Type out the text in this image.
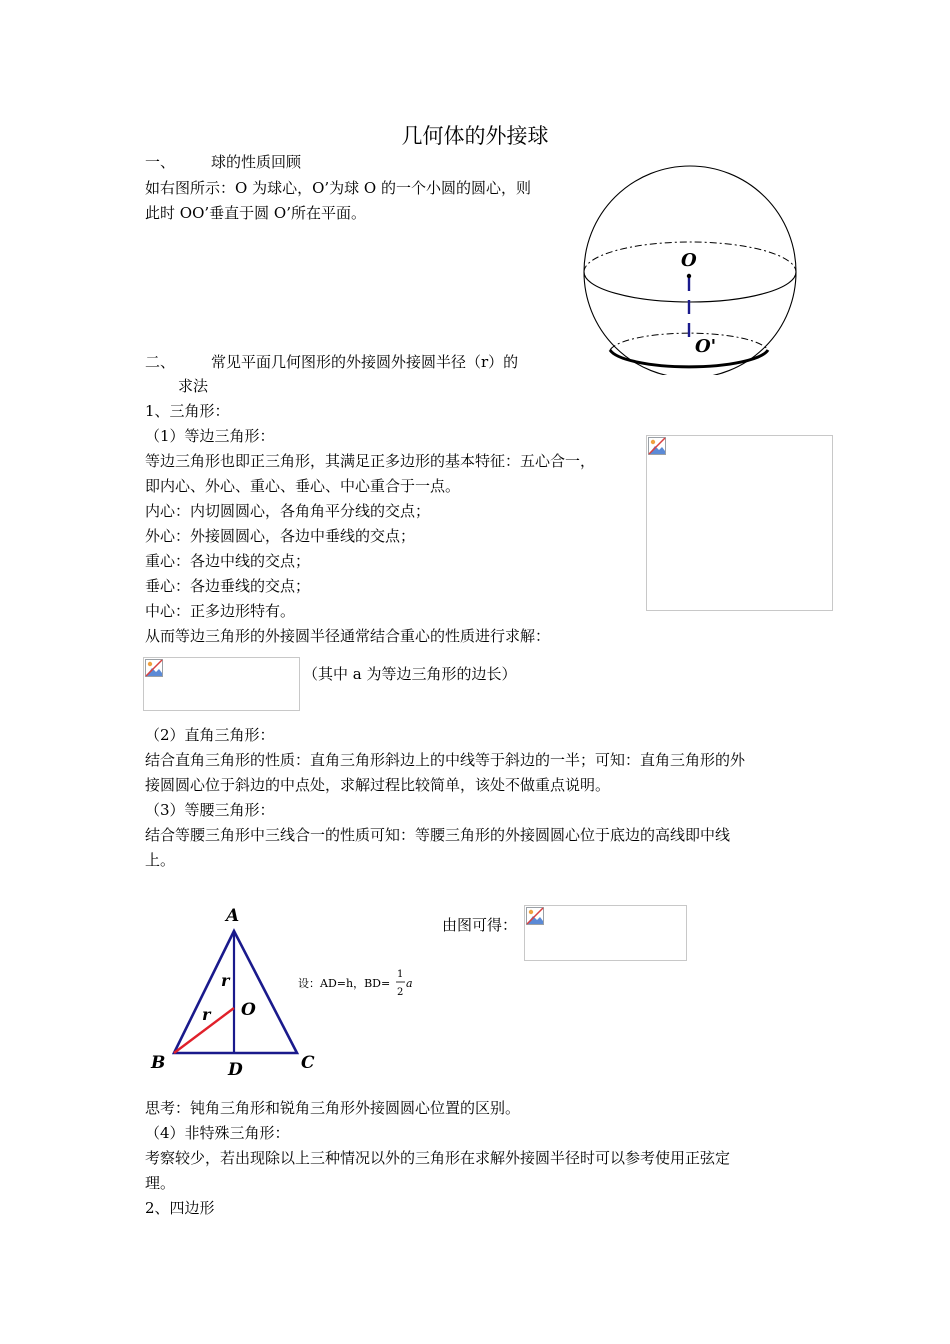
几何体的外接球
一、 球的性质回顾
如右图所示：O 为球心，O’为球 O 的一个小圆的圆心，则
此时 OO’垂直于圆 O’所在平面。
O
O'
二、 常见平面几何图形的外接圆外接圆半径（r）的
求法
1、三角形：
（1）等边三角形：
等边三角形也即正三角形，其满足正多边形的基本特征：五心合一，
即内心、外心、重心、垂心、中心重合于一点。
内心：内切圆圆心，各角角平分线的交点；
外心：外接圆圆心，各边中垂线的交点；
重心：各边中线的交点；
垂心：各边垂线的交点；
中心：正多边形特有。
从而等边三角形的外接圆半径通常结合重心的性质进行求解：
（其中 a 为等边三角形的边长）
（2）直角三角形：
结合直角三角形的性质：直角三角形斜边上的中线等于斜边的一半；可知：直角三角形的外
接圆圆心位于斜边的中点处，求解过程比较简单，该处不做重点说明。
（3）等腰三角形：
结合等腰三角形中三线合一的性质可知：等腰三角形的外接圆圆心位于底边的高线即中线
上。
A
B	C
D
O
r
r
设：AD=h，BD=
1
2
a
由图可得：
思考：钝角三角形和锐角三角形外接圆圆心位置的区别。
（4）非特殊三角形：
考察较少，若出现除以上三种情况以外的三角形在求解外接圆半径时可以参考使用正弦定
理。
2、四边形
